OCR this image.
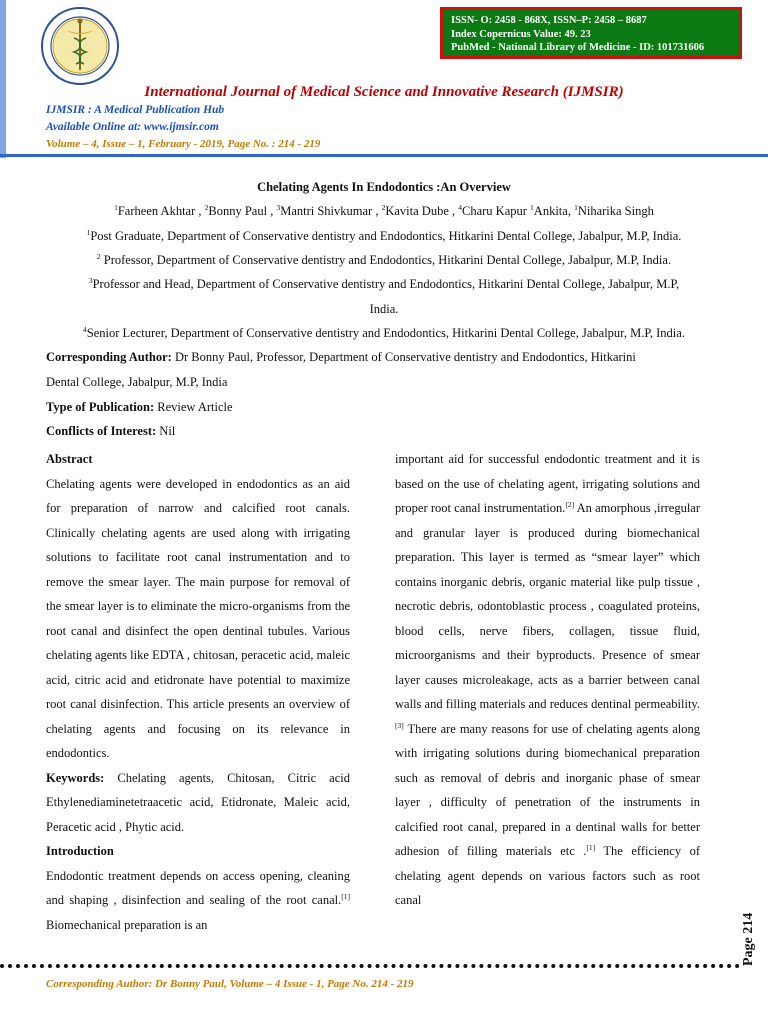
ISSN- O: 2458 - 868X, ISSN–P: 2458 – 8687
Index Copernicus Value: 49. 23
PubMed - National Library of Medicine - ID: 101731606
International Journal of Medical Science and Innovative Research (IJMSIR)
IJMSIR : A Medical Publication Hub
Available Online at: www.ijmsir.com
Volume – 4, Issue – 1, February - 2019, Page No. : 214 - 219
Chelating Agents In Endodontics :An Overview
$^1$Farheen Akhtar , $^2$Bonny Paul , $^3$Mantri Shivkumar , $^2$Kavita Dube , $^4$Charu Kapur $^1$Ankita, $^1$Niharika Singh
$^1$Post Graduate, Department of Conservative dentistry and Endodontics, Hitkarini Dental College, Jabalpur, M.P, India.
$^2$ Professor, Department of Conservative dentistry and Endodontics, Hitkarini Dental College, Jabalpur, M.P, India.
$^3$Professor and Head, Department of Conservative dentistry and Endodontics, Hitkarini Dental College, Jabalpur, M.P,
India.
$^4$Senior Lecturer, Department of Conservative dentistry and Endodontics, Hitkarini Dental College, Jabalpur, M.P, India.
Corresponding Author: Dr Bonny Paul, Professor, Department of Conservative dentistry and Endodontics, Hitkarini
Dental College, Jabalpur, M.P, India
Type of Publication: Review Article
Conflicts of Interest: Nil

Abstract

Chelating agents were developed in endodontics as an aid for preparation of narrow and calcified root canals. Clinically chelating agents are used along with irrigating solutions to facilitate root canal instrumentation and to remove the smear layer. The main purpose for removal of the smear layer is to eliminate the micro-organisms from the root canal and disinfect the open dentinal tubules. Various chelating agents like EDTA , chitosan, peracetic acid, maleic acid, citric acid and etidronate have potential to maximize root canal disinfection. This article presents an overview of chelating agents and focusing on its relevance in endodontics.

Keywords: Chelating agents, Chitosan, Citric acid Ethylenediaminetetraacetic acid, Etidronate, Maleic acid, Peracetic acid , Phytic acid.

Introduction

Endodontic treatment depends on access opening, cleaning and shaping , disinfection and sealing of the root canal.[1] Biomechanical preparation is an

important aid for successful endodontic treatment and it is based on the use of chelating agent, irrigating solutions and proper root canal instrumentation.[2] An amorphous ,irregular and granular layer is produced during biomechanical preparation. This layer is termed as “smear layer” which contains inorganic debris, organic material like pulp tissue , necrotic debris, odontoblastic process , coagulated proteins, blood cells, nerve fibers, collagen, tissue fluid, microorganisms and their byproducts. Presence of smear layer causes microleakage, acts as a barrier between canal walls and filling materials and reduces dentinal permeability.[3] There are many reasons for use of chelating agents along with irrigating solutions during biomechanical preparation such as removal of debris and inorganic phase of smear layer , difficulty of penetration of the instruments in calcified root canal, prepared in a dentinal walls for better adhesion of filling materials etc .[1] The efficiency of chelating agent depends on various factors such as root canal

Page 214
Corresponding Author: Dr Bonny Paul, Volume – 4 Issue - 1, Page No. 214 - 219
